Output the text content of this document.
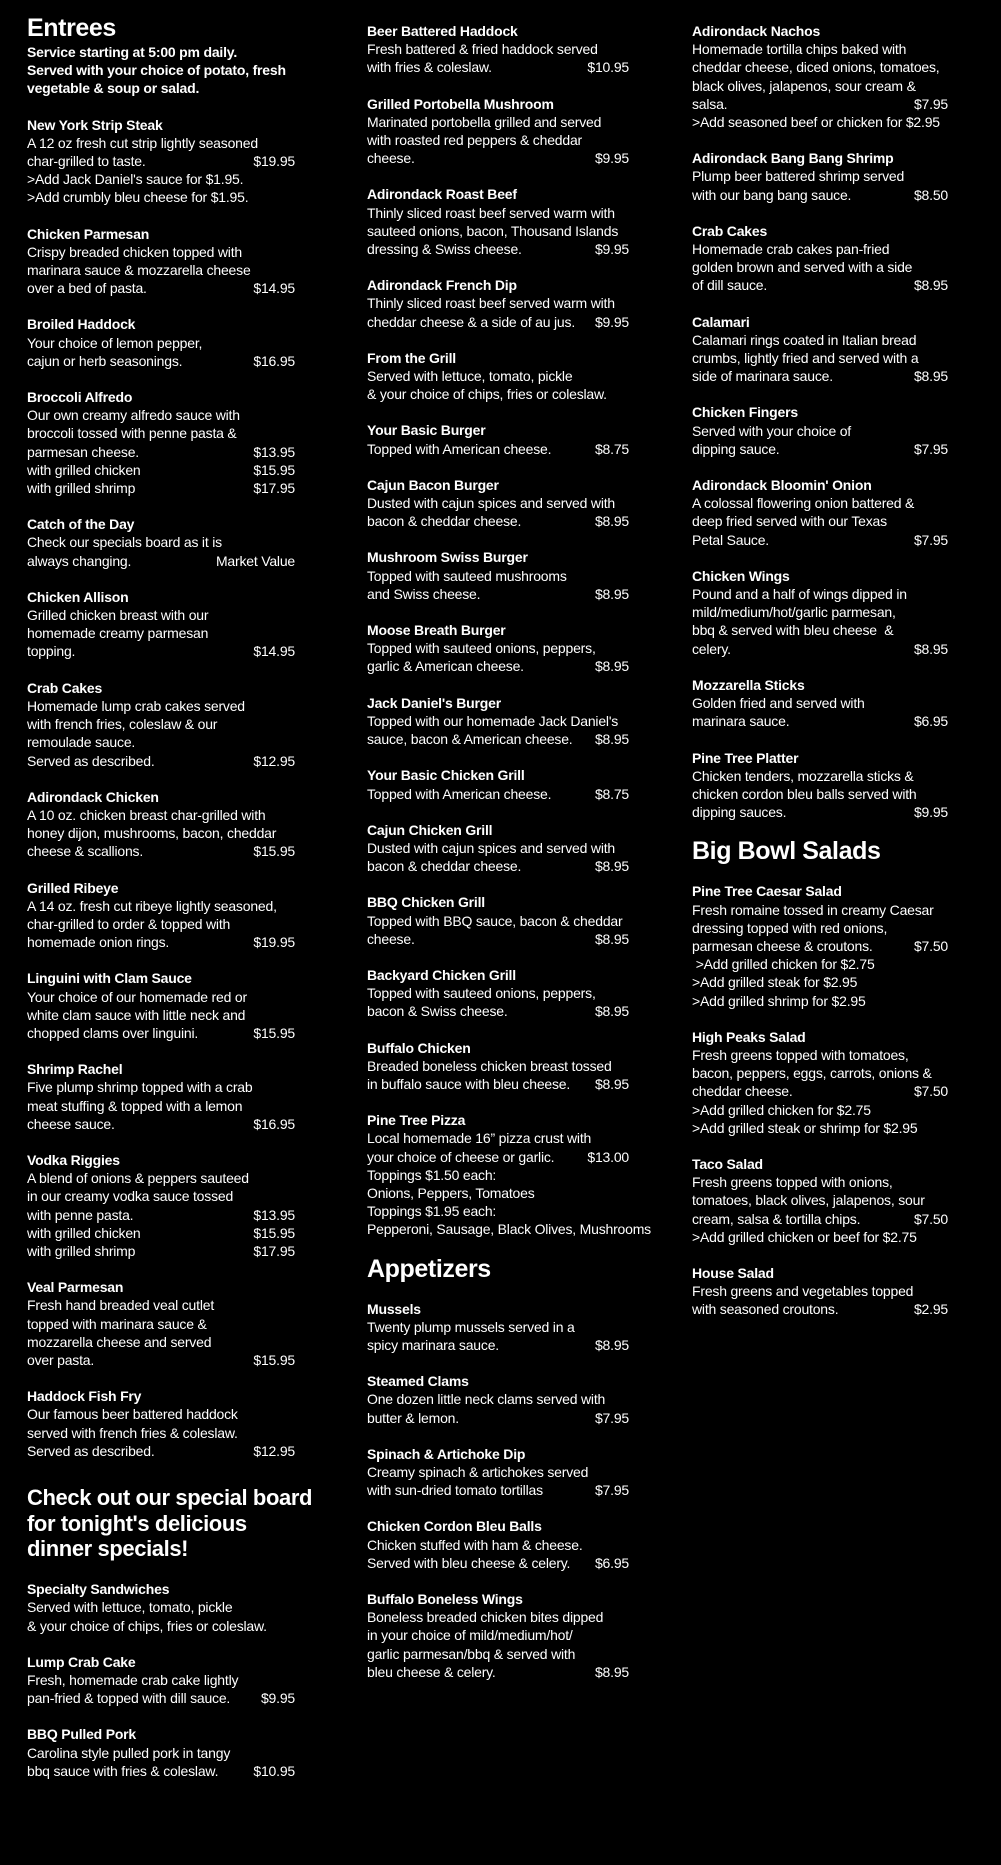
Entrees
Service starting at 5:00 pm daily.
Served with your choice of potato, fresh
vegetable & soup or salad.
New York Strip Steak
A 12 oz fresh cut strip lightly seasoned
char-grilled to taste.	$19.95
>Add Jack Daniel's sauce for $1.95.
>Add crumbly bleu cheese for $1.95.
Chicken Parmesan
Crispy breaded chicken topped with
marinara sauce & mozzarella cheese
over a bed of pasta.	$14.95
Broiled Haddock
Your choice of lemon pepper,
cajun or herb seasonings.	$16.95
Broccoli Alfredo
Our own creamy alfredo sauce with
broccoli tossed with penne pasta &
parmesan cheese.	$13.95
with grilled chicken	$15.95
with grilled shrimp	$17.95
Catch of the Day
Check our specials board as it is
always changing.	Market Value
Chicken Allison
Grilled chicken breast with our
homemade creamy parmesan
topping.	$14.95
Crab Cakes
Homemade lump crab cakes served
with french fries, coleslaw & our
remoulade sauce.
Served as described.	$12.95
Adirondack Chicken
A 10 oz. chicken breast char-grilled with
honey dijon, mushrooms, bacon, cheddar
cheese & scallions.	$15.95
Grilled Ribeye
A 14 oz. fresh cut ribeye lightly seasoned,
char-grilled to order & topped with
homemade onion rings.	$19.95
Linguini with Clam Sauce
Your choice of our homemade red or
white clam sauce with little neck and
chopped clams over linguini.	$15.95
Shrimp Rachel
Five plump shrimp topped with a crab
meat stuffing & topped with a lemon
cheese sauce.	$16.95
Vodka Riggies
A blend of onions & peppers sauteed
in our creamy vodka sauce tossed
with penne pasta.	$13.95
with grilled chicken	$15.95
with grilled shrimp	$17.95
Veal Parmesan
Fresh hand breaded veal cutlet
topped with marinara sauce &
mozzarella cheese and served
over pasta.	$15.95
Haddock Fish Fry
Our famous beer battered haddock
served with french fries & coleslaw.
Served as described.	$12.95
Check out our special board
for tonight's delicious
dinner specials!
Specialty Sandwiches
Served with lettuce, tomato, pickle
& your choice of chips, fries or coleslaw.
Lump Crab Cake
Fresh, homemade crab cake lightly
pan-fried & topped with dill sauce. $9.95
BBQ Pulled Pork
Carolina style pulled pork in tangy
bbq sauce with fries & coleslaw.	$10.95
Beer Battered Haddock
Fresh battered & fried haddock served
with fries & coleslaw.	$10.95
Grilled Portobella Mushroom
Marinated portobella grilled and served
with roasted red peppers & cheddar
cheese.	$9.95
Adirondack Roast Beef
Thinly sliced roast beef served warm with
sauteed onions, bacon, Thousand Islands
dressing & Swiss cheese.	$9.95
Adirondack French Dip
Thinly sliced roast beef served warm with
cheddar cheese & a side of au jus. $9.95
From the Grill
Served with lettuce, tomato, pickle
& your choice of chips, fries or coleslaw.
Your Basic Burger
Topped with American cheese.	$8.75
Cajun Bacon Burger
Dusted with cajun spices and served with
bacon & cheddar cheese.	$8.95
Mushroom Swiss Burger
Topped with sauteed mushrooms
and Swiss cheese.	$8.95
Moose Breath Burger
Topped with sauteed onions, peppers,
garlic & American cheese.	$8.95
Jack Daniel's Burger
Topped with our homemade Jack Daniel's
sauce, bacon & American cheese. $8.95
Your Basic Chicken Grill
Topped with American cheese.	$8.75
Cajun Chicken Grill
Dusted with cajun spices and served with
bacon & cheddar cheese.	$8.95
BBQ Chicken Grill
Topped with BBQ sauce, bacon & cheddar
cheese.	$8.95
Backyard Chicken Grill
Topped with sauteed onions, peppers,
bacon & Swiss cheese.	$8.95
Buffalo Chicken
Breaded boneless chicken breast tossed
in buffalo sauce with bleu cheese. $8.95
Pine Tree Pizza
Local homemade 16” pizza crust with
your choice of cheese or garlic. $13.00
Toppings $1.50 each:
Onions, Peppers, Tomatoes
Toppings $1.95 each:
Pepperoni, Sausage, Black Olives, Mushrooms
Appetizers
Mussels
Twenty plump mussels served in a
spicy marinara sauce.	$8.95
Steamed Clams
One dozen little neck clams served with
butter & lemon.	$7.95
Spinach & Artichoke Dip
Creamy spinach & artichokes served
with sun-dried tomato tortillas	$7.95
Chicken Cordon Bleu Balls
Chicken stuffed with ham & cheese.
Served with bleu cheese & celery. $6.95
Buffalo Boneless Wings
Boneless breaded chicken bites dipped
in your choice of mild/medium/hot/
garlic parmesan/bbq & served with
bleu cheese & celery.	$8.95
Adirondack Nachos
Homemade tortilla chips baked with
cheddar cheese, diced onions, tomatoes,
black olives, jalapenos, sour cream &
salsa.	$7.95
>Add seasoned beef or chicken for $2.95
Adirondack Bang Bang Shrimp
Plump beer battered shrimp served
with our bang bang sauce.	$8.50
Crab Cakes
Homemade crab cakes pan-fried
golden brown and served with a side
of dill sauce.	$8.95
Calamari
Calamari rings coated in Italian bread
crumbs, lightly fried and served with a
side of marinara sauce.	$8.95
Chicken Fingers
Served with your choice of
dipping sauce.	$7.95
Adirondack Bloomin' Onion
A colossal flowering onion battered &
deep fried served with our Texas
Petal Sauce.	$7.95
Chicken Wings
Pound and a half of wings dipped in
mild/medium/hot/garlic parmesan,
bbq & served with bleu cheese  &
celery.	$8.95
Mozzarella Sticks
Golden fried and served with
marinara sauce.	$6.95
Pine Tree Platter
Chicken tenders, mozzarella sticks &
chicken cordon bleu balls served with
dipping sauces.	$9.95
Big Bowl Salads
Pine Tree Caesar Salad
Fresh romaine tossed in creamy Caesar
dressing topped with red onions,
parmesan cheese & croutons.	$7.50
>Add grilled chicken for $2.75
>Add grilled steak for $2.95
>Add grilled shrimp for $2.95
High Peaks Salad
Fresh greens topped with tomatoes,
bacon, peppers, eggs, carrots, onions &
cheddar cheese.	$7.50
>Add grilled chicken for $2.75
>Add grilled steak or shrimp for $2.95
Taco Salad
Fresh greens topped with onions,
tomatoes, black olives, jalapenos, sour
cream, salsa & tortilla chips.	$7.50
>Add grilled chicken or beef for $2.75
House Salad
Fresh greens and vegetables topped
with seasoned croutons.	$2.95
